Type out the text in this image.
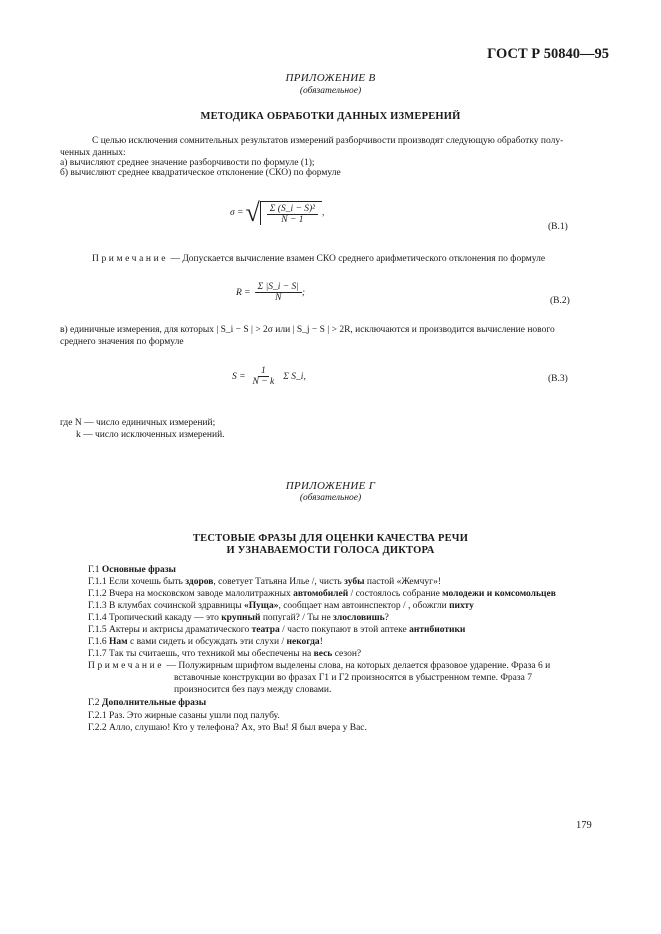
ГОСТ Р 50840—95
ПРИЛОЖЕНИЕ В
(обязательное)
МЕТОДИКА ОБРАБОТКИ ДАННЫХ ИЗМЕРЕНИЙ
С целью исключения сомнительных результатов измерений разборчивости производят следующую обработку полу-
ченных данных:
а) вычисляют среднее значение разборчивости по формуле (1);
б) вычисляют среднее квадратическое отклонение (СКО) по формуле
σ = √ $\frac{\text{Σ (S\_i − S)²}}{N - 1}$ ,
(В.1)
Примечание — Допускается вычисление взамен СКО среднего арифметического отклонения по формуле
$R = \frac{\Sigma |S\_i - S|}{N}$ ;
(В.2)
в) единичные измерения, для которых | S_i − S | > 2σ или | S_j − S | > 2R, исключаются и производится вычисление нового
среднего значения по формуле
$S = \frac{1}{N - k}$ Σ S_i ,	(В.3)
где N — число единичных измерений;
k — число исключенных измерений.
ПРИЛОЖЕНИЕ Г
(обязательное)
ТЕСТОВЫЕ ФРАЗЫ ДЛЯ ОЦЕНКИ КАЧЕСТВА РЕЧИ
И УЗНАВАЕМОСТИ ГОЛОСА ДИКТОРА
Г.1 Основные фразы
Г.1.1 Если хочешь быть здоров, советует Татьяна Илье /, чисть зубы пастой «Жемчуг»!
Г.1.2 Вчера на московском заводе малолитражных автомобилей / состоялось собрание молодежи и комсомольцев
Г.1.3 В клумбах сочинской здравницы «Пуща», сообщает нам автоинспектор / , обожгли пихту
Г.1.4 Тропический какаду — это крупный попугай? / Ты не злословишь?
Г.1.5 Актеры и актрисы драматического театра / часто покупают в этой аптеке антибиотики
Г.1.6 Нам с вами сидеть и обсуждать эти слухи / некогда!
Г.1.7 Так ты считаешь, что техникой мы обеспечены на весь сезон?
Примечание — Полужирным шрифтом выделены слова, на которых делается фразовое ударение. Фраза 6 и
вставочные конструкции во фразах Г1 и Г2 произносятся в убыстренном темпе. Фраза 7
произносится без пауз между словами.
Г.2 Дополнительные фразы
Г.2.1 Раз. Это жирные сазаны ушли под палубу.
Г.2.2 Алло, слушаю! Кто у телефона? Ах, это Вы! Я был вчера у Вас.
179
